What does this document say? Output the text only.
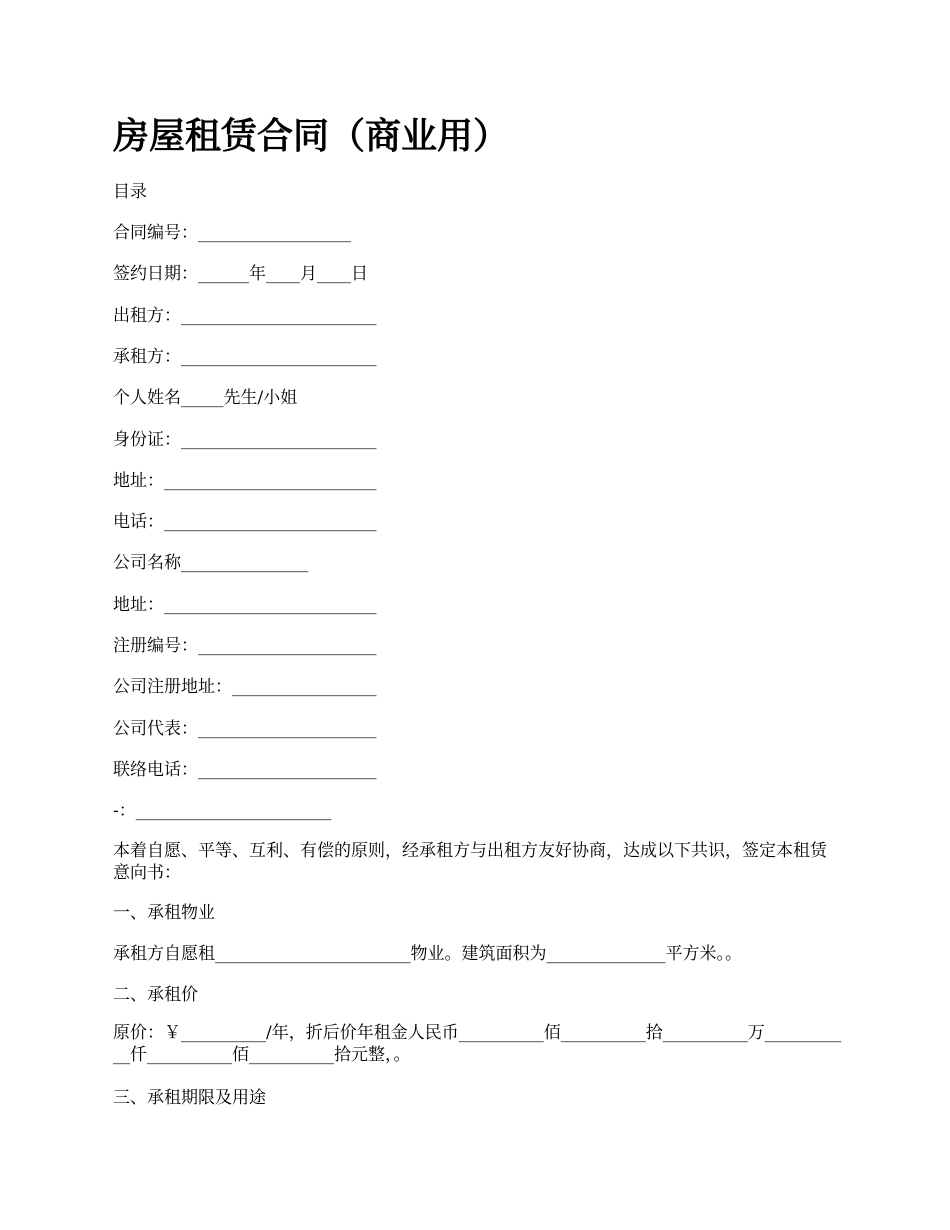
房屋租赁合同（商业用）
目录
合同编号：__________________
签约日期：______年____月____日
出租方：_______________________
承租方：_______________________
个人姓名_____先生/小姐
身份证：_______________________
地址：_________________________
电话：_________________________
公司名称_______________
地址：_________________________
注册编号：_____________________
公司注册地址：_________________
公司代表：_____________________
联络电话：_____________________
-：_______________________
本着自愿、平等、互利、有偿的原则，经承租方与出租方友好协商，达成以下共识，签定本租赁意向书：
一、承租物业
承租方自愿租_______________________物业。建筑面积为______________平方米。。
二、承租价
原价：￥__________/年，折后价年租金人民币__________佰__________拾__________万___________仟__________佰__________拾元整，。
三、承租期限及用途
